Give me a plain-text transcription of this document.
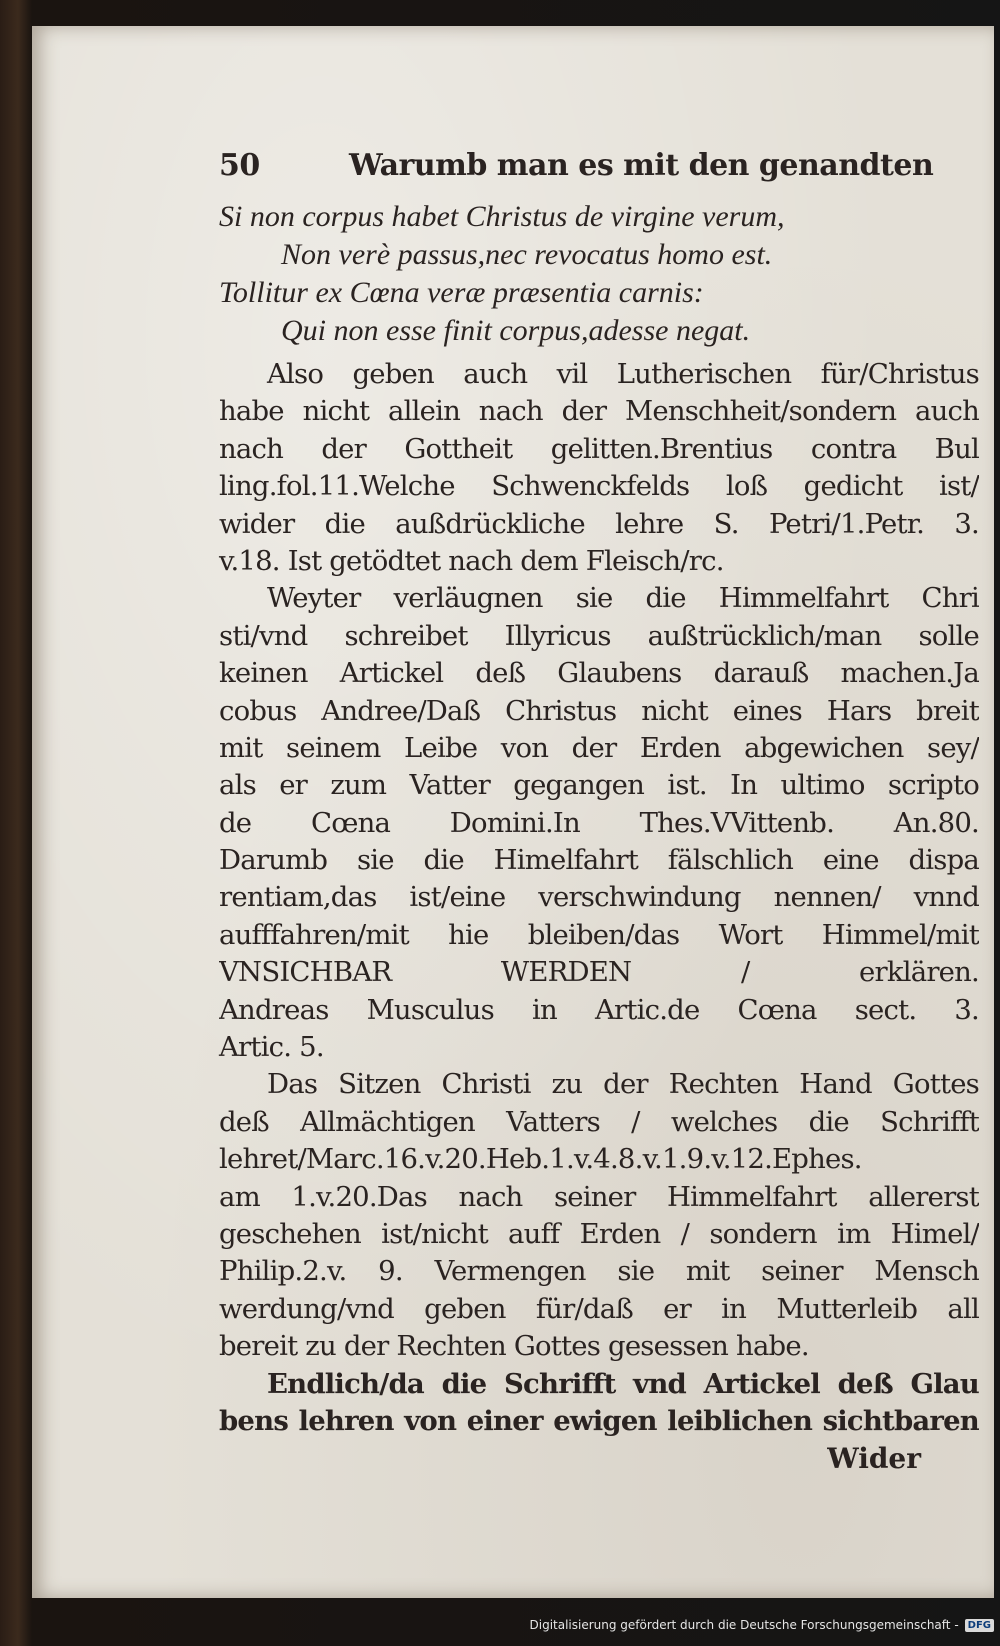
50	Warumb man es mit den genandten
Si non corpus habet Christus de virgine verum,
Non verè passus,nec revocatus homo est.
Tollitur ex Cœna veræ præsentia carnis:
Qui non esse finit corpus,adesse negat.

Also geben auch vil Lutherischen für/Christus
habe nicht allein nach der Menschheit/sondern auch
nach der Gottheit gelitten.Brentius contra Bul
ling.fol.11.Welche Schwenckfelds loß gedicht ist/
wider die außdrückliche lehre S. Petri/1.Petr. 3.
v.18. Ist getödtet nach dem Fleisch/rc.

Weyter verläugnen sie die Himmelfahrt Chri
sti/vnd schreibet Illyricus außtrücklich/man solle
keinen Artickel deß Glaubens darauß machen.Ja
cobus Andree/Daß Christus nicht eines Hars breit
mit seinem Leibe von der Erden abgewichen sey/
als er zum Vatter gegangen ist. In ultimo scripto
de Cœna Domini.In Thes.VVittenb. An.80.
Darumb sie die Himelfahrt fälschlich eine dispa
rentiam,das ist/eine verschwindung nennen/ vnnd
aufffahren/mit hie bleiben/das Wort Himmel/mit
VNSICHBAR WERDEN / erklären.
Andreas Musculus in Artic.de Cœna sect. 3.
Artic. 5.

Das Sitzen Christi zu der Rechten Hand Gottes
deß Allmächtigen Vatters / welches die Schrifft
lehret/Marc.16.v.20.Heb.1.v.4.8.v.1.9.v.12.Ephes.
am 1.v.20.Das nach seiner Himmelfahrt allererst
geschehen ist/nicht auff Erden / sondern im Himel/
Philip.2.v. 9. Vermengen sie mit seiner Mensch
werdung/vnd geben für/daß er in Mutterleib all
bereit zu der Rechten Gottes gesessen habe.

Endlich/da die Schrifft vnd Artickel deß Glau
bens lehren von einer ewigen leiblichen sichtbaren

Wider
Digitalisierung gefördert durch die Deutsche Forschungsgemeinschaft - DFG
